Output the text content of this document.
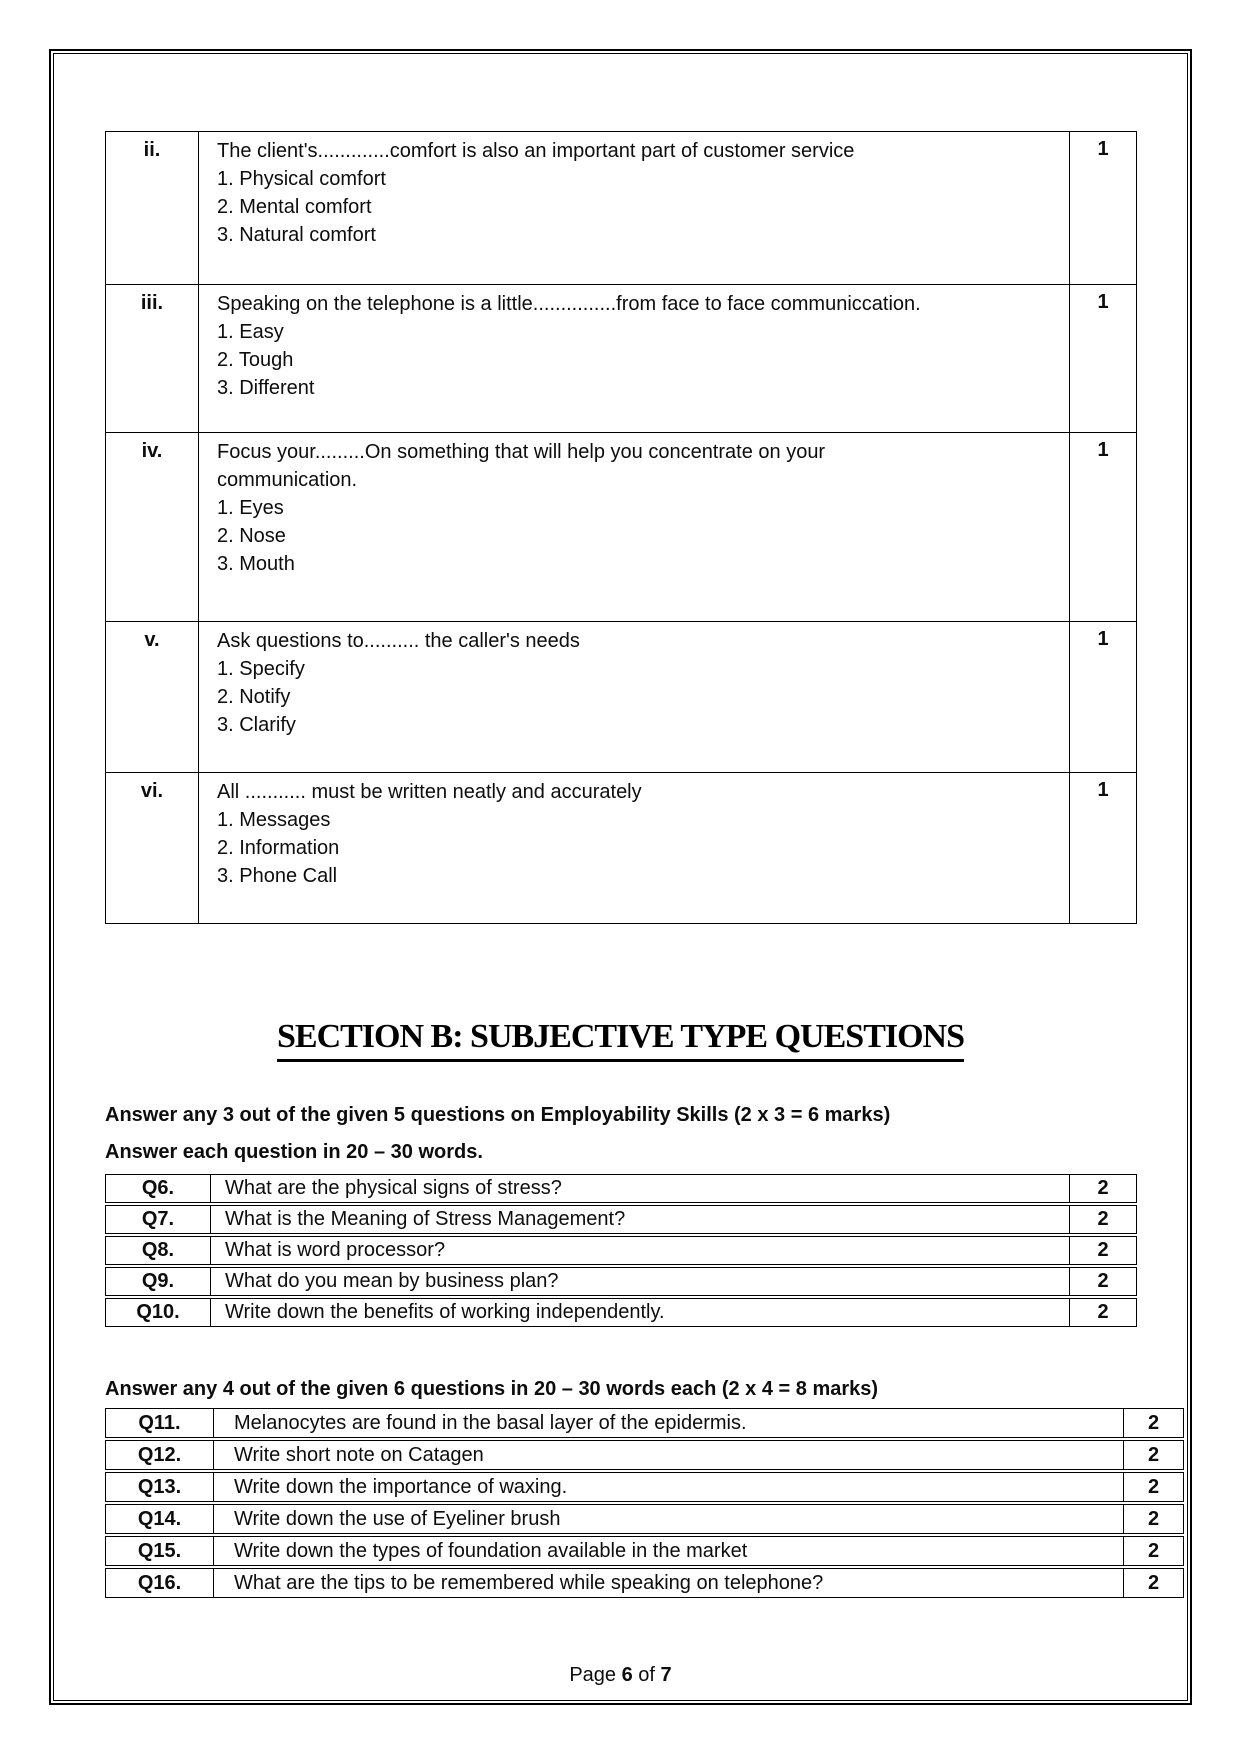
ii.	The client's.............comfort is also an important part of customer service
1. Physical comfort
2. Mental comfort
3. Natural comfort
1
iii.	Speaking on the telephone is a little...............from face to face communiccation.
1. Easy
2. Tough
3. Different
1
iv.	Focus your.........On something that will help you concentrate on your
communication.
1. Eyes
2. Nose
3. Mouth
1
v.	Ask questions to.......... the caller's needs
1. Specify
2. Notify
3. Clarify
1
vi.	All ........... must be written neatly and accurately
1. Messages
2. Information
3. Phone Call
1
SECTION B: SUBJECTIVE TYPE QUESTIONS
Answer any 3 out of the given 5 questions on Employability Skills (2 x 3 = 6 marks)
Answer each question in 20 – 30 words.
Q6.	What are the physical signs of stress?	2
Q7.	What is the Meaning of Stress Management?	2
Q8.	What is word processor?	2
Q9.	What do you mean by business plan?	2
Q10.	Write down the benefits of working independently.	2
Answer any 4 out of the given 6 questions in 20 – 30 words each (2 x 4 = 8 marks)
Q11.	Melanocytes are found in the basal layer of the epidermis.	2
Q12.	Write short note on Catagen	2
Q13.	Write down the importance of waxing.	2
Q14.	Write down the use of Eyeliner brush	2
Q15.	Write down the types of foundation available in the market	2
Q16.	What are the tips to be remembered while speaking on telephone?	2
Page 6 of 7
